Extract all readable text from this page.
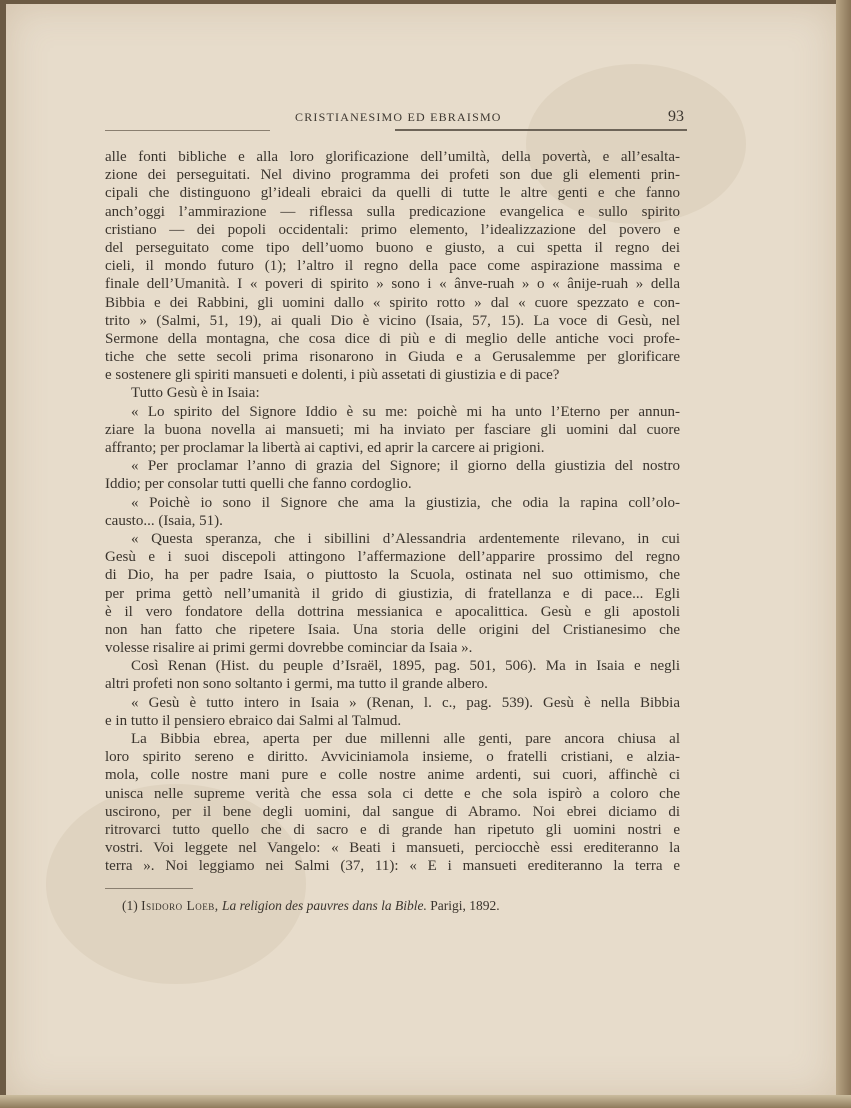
CRISTIANESIMO ED EBRAISMO	93
alle fonti bibliche e alla loro glorificazione dell’umiltà, della povertà, e all’esalta-
zione dei perseguitati. Nel divino programma dei profeti son due gli elementi prin-
cipali che distinguono gl’ideali ebraici da quelli di tutte le altre genti e che fanno
anch’oggi l’ammirazione — riflessa sulla predicazione evangelica e sullo spirito
cristiano — dei popoli occidentali: primo elemento, l’idealizzazione del povero e
del perseguitato come tipo dell’uomo buono e giusto, a cui spetta il regno dei
cieli, il mondo futuro (1); l’altro il regno della pace come aspirazione massima e
finale dell’Umanità. I « poveri di spirito » sono i « ânve-ruah » o « ânije-ruah » della
Bibbia e dei Rabbini, gli uomini dallo « spirito rotto » dal « cuore spezzato e con-
trito » (Salmi, 51, 19), ai quali Dio è vicino (Isaia, 57, 15). La voce di Gesù, nel
Sermone della montagna, che cosa dice di più e di meglio delle antiche voci profe-
tiche che sette secoli prima risonarono in Giuda e a Gerusalemme per glorificare
e sostenere gli spiriti mansueti e dolenti, i più assetati di giustizia e di pace?
Tutto Gesù è in Isaia:
« Lo spirito del Signore Iddio è su me: poichè mi ha unto l’Eterno per annun-
ziare la buona novella ai mansueti; mi ha inviato per fasciare gli uomini dal cuore
affranto; per proclamar la libertà ai captivi, ed aprir la carcere ai prigioni.
« Per proclamar l’anno di grazia del Signore; il giorno della giustizia del nostro
Iddio; per consolar tutti quelli che fanno cordoglio.
« Poichè io sono il Signore che ama la giustizia, che odia la rapina coll’olo-
causto... (Isaia, 51).
« Questa speranza, che i sibillini d’Alessandria ardentemente rilevano, in cui
Gesù e i suoi discepoli attingono l’affermazione dell’apparire prossimo del regno
di Dio, ha per padre Isaia, o piuttosto la Scuola, ostinata nel suo ottimismo, che
per prima gettò nell’umanità il grido di giustizia, di fratellanza e di pace... Egli
è il vero fondatore della dottrina messianica e apocalittica. Gesù e gli apostoli
non han fatto che ripetere Isaia. Una storia delle origini del Cristianesimo che
volesse risalire ai primi germi dovrebbe cominciar da Isaia ».
Così Renan (Hist. du peuple d’Israël, 1895, pag. 501, 506). Ma in Isaia e negli
altri profeti non sono soltanto i germi, ma tutto il grande albero.
« Gesù è tutto intero in Isaia » (Renan, l. c., pag. 539). Gesù è nella Bibbia
e in tutto il pensiero ebraico dai Salmi al Talmud.
La Bibbia ebrea, aperta per due millenni alle genti, pare ancora chiusa al
loro spirito sereno e diritto. Avviciniamola insieme, o fratelli cristiani, e alzia-
mola, colle nostre mani pure e colle nostre anime ardenti, sui cuori, affinchè ci
unisca nelle supreme verità che essa sola ci dette e che sola ispirò a coloro che
uscirono, per il bene degli uomini, dal sangue di Abramo. Noi ebrei diciamo di
ritrovarci tutto quello che di sacro e di grande han ripetuto gli uomini nostri e
vostri. Voi leggete nel Vangelo: « Beati i mansueti, perciocchè essi erediteranno la
terra ». Noi leggiamo nei Salmi (37, 11): « E i mansueti erediteranno la terra e
(1) Isidoro Loeb, La religion des pauvres dans la Bible. Parigi, 1892.
